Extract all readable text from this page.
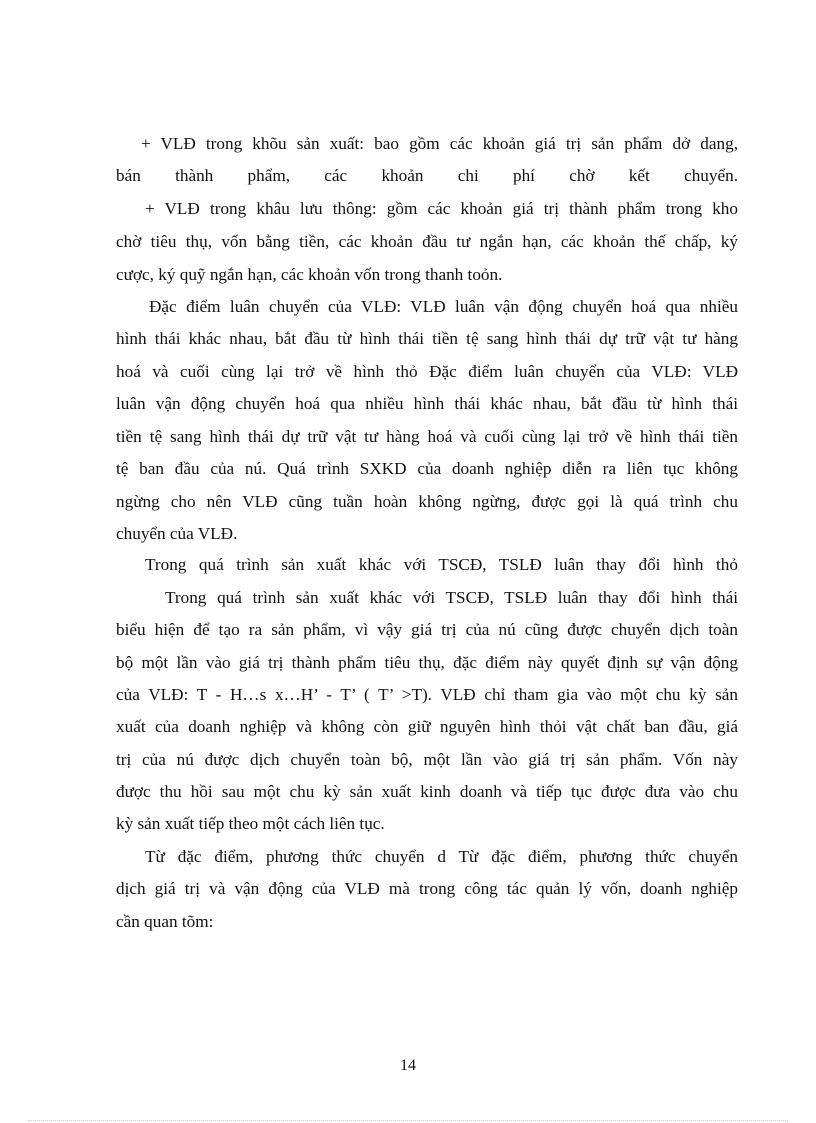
+ VLĐ trong khõu sản xuất: bao gồm các khoản giá trị sản phẩm dở dang,
bán thành phẩm, các khoản chi phí chờ kết chuyển.
+ VLĐ trong khâu lưu thông: gồm các khoản giá trị thành phẩm trong kho
chờ tiêu thụ, vốn bằng tiền, các khoản đầu tư ngắn hạn, các khoản thế chấp, ký
cược, ký quỹ ngắn hạn, các khoản vốn trong thanh toỏn.
Đặc điểm luân chuyển của VLĐ: VLĐ luân vận động chuyển hoá qua nhiều
hình thái khác nhau, bắt đầu từ hình thái tiền tệ sang hình thái dự trữ vật tư hàng
hoá và cuối cùng lại trở về hình thỏ Đặc điểm luân chuyển của VLĐ: VLĐ
luân vận động chuyển hoá qua nhiều hình thái khác nhau, bắt đầu từ hình thái
tiền tệ sang hình thái dự trữ vật tư hàng hoá và cuối cùng lại trở về hình thái tiền
tệ ban đầu của nú. Quá trình SXKD của doanh nghiệp diễn ra liên tục không
ngừng cho nên VLĐ cũng tuần hoàn không ngừng, được gọi là quá trình chu
chuyển của VLĐ.
Trong quá trình sản xuất khác với TSCĐ, TSLĐ luân thay đổi hình thỏ
Trong quá trình sản xuất khác với TSCĐ, TSLĐ luân thay đổi hình thái
biểu hiện để tạo ra sản phẩm, vì vậy giá trị của nú cũng được chuyển dịch toàn
bộ một lần vào giá trị thành phẩm tiêu thụ, đặc điểm này quyết định sự vận động
của VLĐ: T - H…s x…H’ - T’ ( T’ >T). VLĐ chỉ tham gia vào một chu kỳ sản
xuất của doanh nghiệp và không còn giữ nguyên hình thỏi vật chất ban đầu, giá
trị của nú được dịch chuyển toàn bộ, một lần vào giá trị sản phẩm. Vốn này
được thu hồi sau một chu kỳ sản xuất kinh doanh và tiếp tục được đưa vào chu
kỳ sản xuất tiếp theo một cách liên tục.
Từ đặc điểm, phương thức chuyển d Từ đặc điểm, phương thức chuyển
dịch giá trị và vận động của VLĐ mà trong công tác quản lý vốn, doanh nghiệp
cần quan tõm:
14
